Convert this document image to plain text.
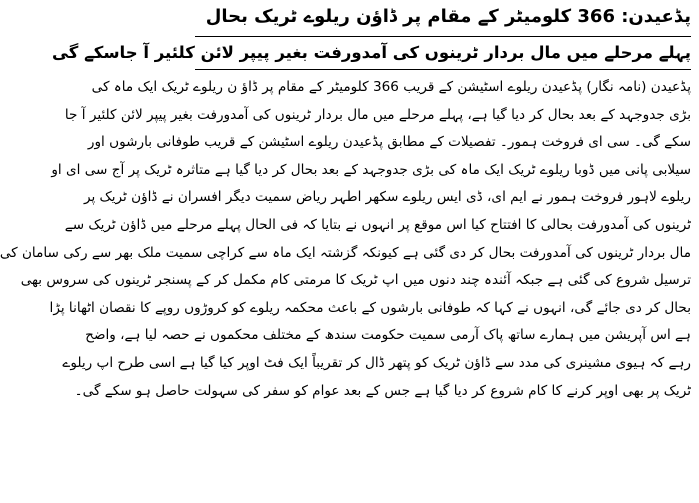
پڈعیدن: 366 کلومیٹر کے مقام پر ڈاؤن ریلوے ٹریک بحال
پہلے مرحلے میں مال بردار ٹرینوں کی آمدورفت بغیر پیپر لائن کلئیر آ جاسکے گی
پڈعیدن (نامہ نگار) پڈعیدن ریلوے اسٹیشن کے قریب 366 کلومیٹر کے مقام پر ڈاؤ ن ریلوے ٹریک ایک ماہ کی
بڑی جدوجہد کے بعد بحال کر دیا گیا ہے، پہلے مرحلے میں مال بردار ٹرینوں کی آمدورفت بغیر پیپر لائن کلئیر آ جا
سکے گی۔ سی ای فروخت ہمور۔ تفصیلات کے مطابق پڈعیدن ریلوے اسٹیشن کے قریب طوفانی بارشوں اور
سیلابی پانی میں ڈوبا ریلوے ٹریک ایک ماہ کی بڑی جدوجہد کے بعد بحال کر دیا گیا ہے متاثرہ ٹریک پر آج سی ای او
ریلوے لاہور فروخت ہمور نے ایم ای، ڈی ایس ریلوے سکھر اطہر ریاض سمیت دیگر افسران نے ڈاؤن ٹریک پر
ٹرینوں کی آمدورفت بحالی کا افتتاح کیا اس موقع پر انہوں نے بتایا کہ فی الحال پہلے مرحلے میں ڈاؤن ٹریک سے
مال بردار ٹرینوں کی آمدورفت بحال کر دی گئی ہے کیونکہ گزشتہ ایک ماہ سے کراچی سمیت ملک بھر سے رکی سامان کی
ترسیل شروع کی گئی ہے جبکہ آئندہ چند دنوں میں اپ ٹریک کا مرمتی کام مکمل کر کے پسنجر ٹرینوں کی سروس بھی
بحال کر دی جائے گی، انہوں نے کہا کہ طوفانی بارشوں کے باعث محکمہ ریلوے کو کروڑوں روپے کا نقصان اٹھانا پڑا
ہے اس آپریشن میں ہمارے ساتھ پاک آرمی سمیت حکومت سندھ کے مختلف محکموں نے حصہ لیا ہے، واضح
رہے کہ ہیوی مشینری کی مدد سے ڈاؤن ٹریک کو پتھر ڈال کر تقریباً ایک فٹ اوپر کیا گیا ہے اسی طرح اپ ریلوے
ٹریک پر بھی اوپر کرنے کا کام شروع کر دیا گیا ہے جس کے بعد عوام کو سفر کی سہولت حاصل ہو سکے گی۔
